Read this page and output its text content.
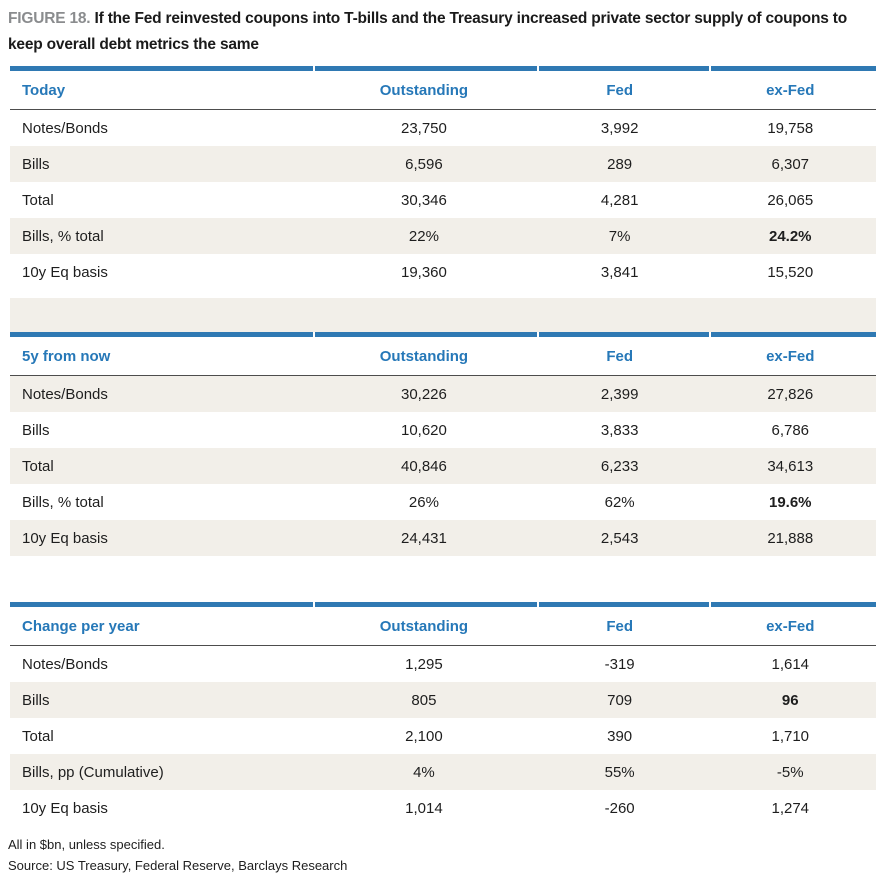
FIGURE 18. If the Fed reinvested coupons into T-bills and the Treasury increased private sector supply of coupons to keep overall debt metrics the same
Today	Outstanding	Fed	ex-Fed
Notes/Bonds	23,750	3,992	19,758
Bills	6,596	289	6,307
Total	30,346	4,281	26,065
Bills, % total	22%	7%	24.2%
10y Eq basis	19,360	3,841	15,520
5y from now	Outstanding	Fed	ex-Fed
Notes/Bonds	30,226	2,399	27,826
Bills	10,620	3,833	6,786
Total	40,846	6,233	34,613
Bills, % total	26%	62%	19.6%
10y Eq basis	24,431	2,543	21,888
Change per year	Outstanding	Fed	ex-Fed
Notes/Bonds	1,295	-319	1,614
Bills	805	709	96
Total	2,100	390	1,710
Bills, pp (Cumulative)	4%	55%	-5%
10y Eq basis	1,014	-260	1,274
All in $bn, unless specified.
Source: US Treasury, Federal Reserve, Barclays Research
